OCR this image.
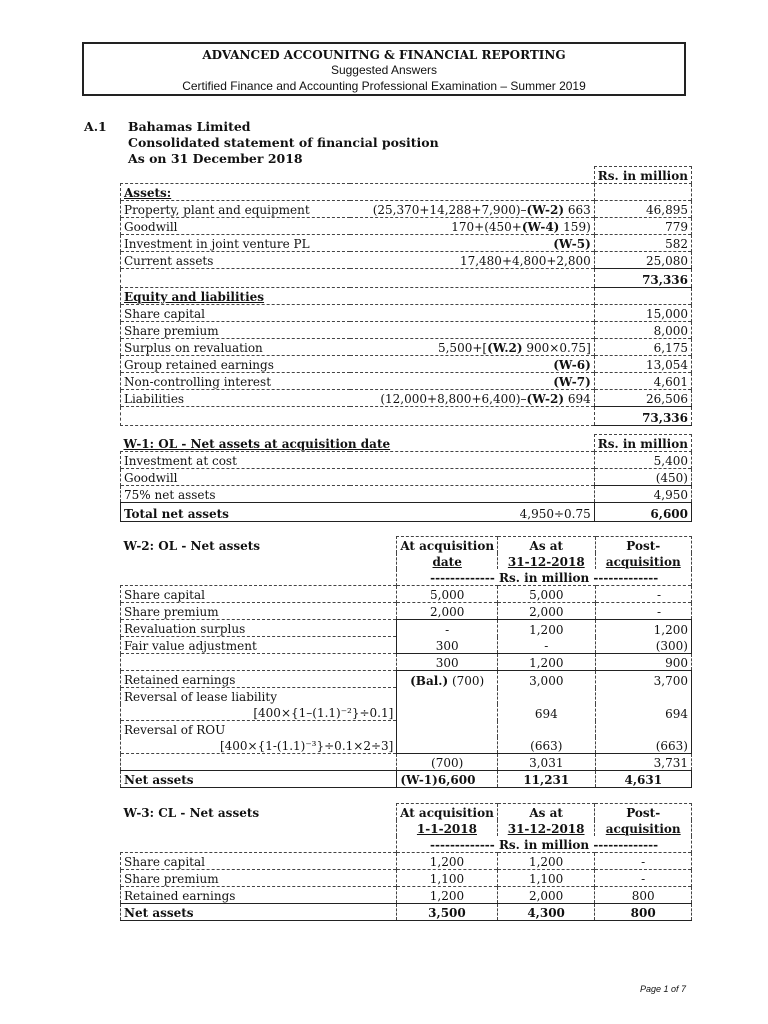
ADVANCED ACCOUNITNG & FINANCIAL REPORTING
Suggested Answers
Certified Finance and Accounting Professional Examination – Summer 2019
A.1 Bahamas Limited
Consolidated statement of financial position
As on 31 December 2018
		Rs. in million
Assets:		
Property, plant and equipment	(25,370+14,288+7,900)–(W-2) 663	46,895
Goodwill	170+(450+(W-4) 159)	779
Investment in joint venture PL	(W-5)	582
Current assets	17,480+4,800+2,800	25,080
		73,336
Equity and liabilities		
Share capital		15,000
Share premium		8,000
Surplus on revaluation	5,500+[(W.2) 900×0.75]	6,175
Group retained earnings	(W-6)	13,054
Non-controlling interest	(W-7)	4,601
Liabilities	(12,000+8,800+6,400)–(W-2) 694	26,506
		73,336
W-1: OL - Net assets at acquisition date		Rs. in million
Investment at cost		5,400
Goodwill		(450)
75% net assets		4,950
Total net assets	4,950÷0.75	6,600
W-2: OL - Net assets	At acquisition	As at	Post-
	date	31-12-2018	acquisition
	------------- Rs. in million -------------		
Share capital	5,000	5,000	-
Share premium	2,000	2,000	-
Revaluation surplus	-	1,200	1,200
Fair value adjustment	300	-	(300)
	300	1,200	900
Retained earnings	(Bal.) (700)	3,000	3,700
Reversal of lease liability			
[400×{1–(1.1)⁻²}÷0.1]		694	694
Reversal of ROU			
[400×{1-(1.1)⁻³}÷0.1×2÷3]		(663)	(663)
	(700)	3,031	3,731
Net assets	(W-1)6,600	11,231	4,631
W-3: CL - Net assets	At acquisition	As at	Post-
	1-1-2018	31-12-2018	acquisition
	------------- Rs. in million -------------		
Share capital	1,200	1,200	-
Share premium	1,100	1,100	-
Retained earnings	1,200	2,000	800
Net assets	3,500	4,300	800
Page 1 of 7
